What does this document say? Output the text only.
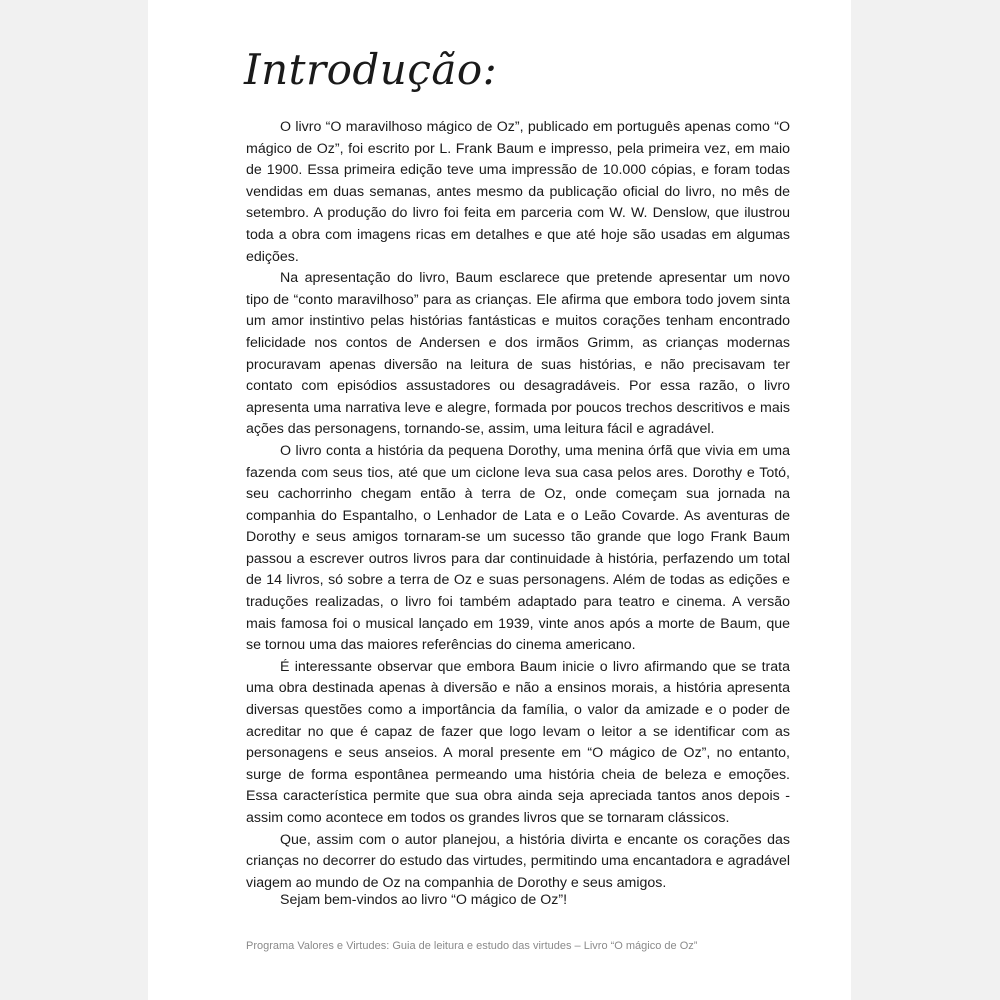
Introdução:

O livro “O maravilhoso mágico de Oz”, publicado em português apenas como “O mágico de Oz”, foi escrito por L. Frank Baum e impresso, pela primeira vez, em maio de 1900. Essa primeira edição teve uma impressão de 10.000 cópias, e foram todas vendidas em duas semanas, antes mesmo da publicação oficial do livro, no mês de setembro. A produção do livro foi feita em parceria com W. W. Denslow, que ilustrou toda a obra com imagens ricas em detalhes e que até hoje são usadas em algumas edições.

Na apresentação do livro, Baum esclarece que pretende apresentar um novo tipo de “conto maravilhoso” para as crianças. Ele afirma que embora todo jovem sinta um amor instintivo pelas histórias fantásticas e muitos corações tenham encontrado felicidade nos contos de Andersen e dos irmãos Grimm, as crianças modernas procuravam apenas diversão na leitura de suas histórias, e não precisavam ter contato com episódios assustadores ou desagradáveis. Por essa razão, o livro apresenta uma narrativa leve e alegre, formada por poucos trechos descritivos e mais ações das personagens, tornando-se, assim, uma leitura fácil e agradável.

O livro conta a história da pequena Dorothy, uma menina órfã que vivia em uma fazenda com seus tios, até que um ciclone leva sua casa pelos ares. Dorothy e Totó, seu cachorrinho chegam então à terra de Oz, onde começam sua jornada na companhia do Espantalho, o Lenhador de Lata e o Leão Covarde. As aventuras de Dorothy e seus amigos tornaram-se um sucesso tão grande que logo Frank Baum passou a escrever outros livros para dar continuidade à história, perfazendo um total de 14 livros, só sobre a terra de Oz e suas personagens. Além de todas as edições e traduções realizadas, o livro foi também adaptado para teatro e cinema. A versão mais famosa foi o musical lançado em 1939, vinte anos após a morte de Baum, que se tornou uma das maiores referências do cinema americano.

É interessante observar que embora Baum inicie o livro afirmando que se trata uma obra destinada apenas à diversão e não a ensinos morais, a história apresenta diversas questões como a importância da família, o valor da amizade e o poder de acreditar no que é capaz de fazer que logo levam o leitor a se identificar com as personagens e seus anseios. A moral presente em “O mágico de Oz”, no entanto, surge de forma espontânea permeando uma história cheia de beleza e emoções. Essa característica permite que sua obra ainda seja apreciada tantos anos depois - assim como acontece em todos os grandes livros que se tornaram clássicos.

Que, assim com o autor planejou, a história divirta e encante os corações das crianças no decorrer do estudo das virtudes, permitindo uma encantadora e agradável viagem ao mundo de Oz na companhia de Dorothy e seus amigos.

Sejam bem-vindos ao livro “O mágico de Oz”!

Programa Valores e Virtudes: Guia de leitura e estudo das virtudes – Livro “O mágico de Oz”
